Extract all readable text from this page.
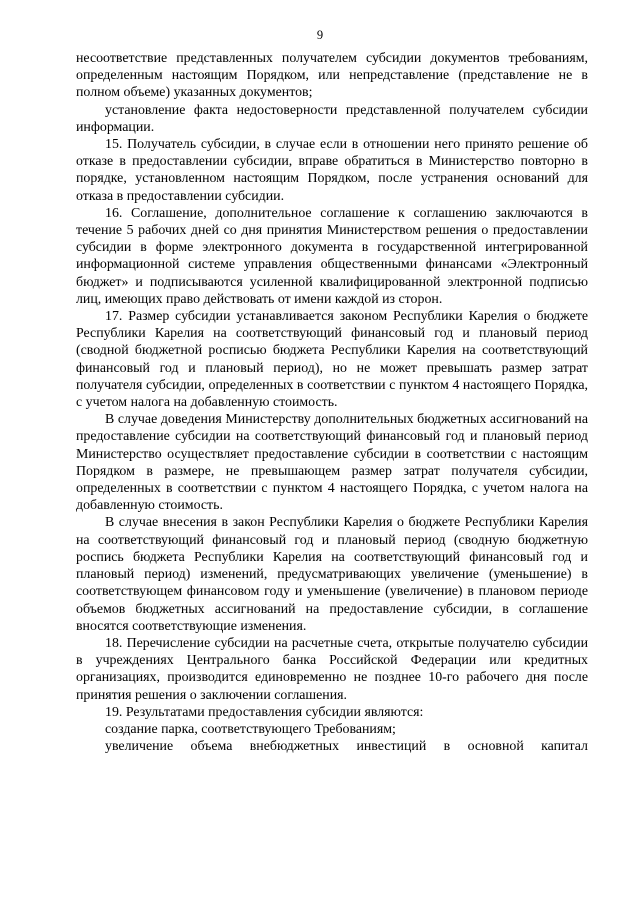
9

несоответствие представленных получателем субсидии документов требованиям, определенным настоящим Порядком, или непредставление (представление не в полном объеме) указанных документов;

установление факта недостоверности представленной получателем субсидии информации.

15. Получатель субсидии, в случае если в отношении него принято решение об отказе в предоставлении субсидии, вправе обратиться в Министерство повторно в порядке, установленном настоящим Порядком, после устранения оснований для отказа в предоставлении субсидии.

16. Соглашение, дополнительное соглашение к соглашению заключаются в течение 5 рабочих дней со дня принятия Министерством решения о предоставлении субсидии в форме электронного документа в государственной интегрированной информационной системе управления общественными финансами «Электронный бюджет» и подписываются усиленной квалифицированной электронной подписью лиц, имеющих право действовать от имени каждой из сторон.

17. Размер субсидии устанавливается законом Республики Карелия о бюджете Республики Карелия на соответствующий финансовый год и плановый период (сводной бюджетной росписью бюджета Республики Карелия на соответствующий финансовый год и плановый период), но не может превышать размер затрат получателя субсидии, определенных в соответствии с пунктом 4 настоящего Порядка, с учетом налога на добавленную стоимость.

В случае доведения Министерству дополнительных бюджетных ассигнований на предоставление субсидии на соответствующий финансовый год и плановый период Министерство осуществляет предоставление субсидии в соответствии с настоящим Порядком в размере, не превышающем размер затрат получателя субсидии, определенных в соответствии с пунктом 4 настоящего Порядка, с учетом налога на добавленную стоимость.

В случае внесения в закон Республики Карелия о бюджете Республики Карелия на соответствующий финансовый год и плановый период (сводную бюджетную роспись бюджета Республики Карелия на соответствующий финансовый год и плановый период) изменений, предусматривающих увеличение (уменьшение) в соответствующем финансовом году и уменьшение (увеличение) в плановом периоде объемов бюджетных ассигнований на предоставление субсидии, в соглашение вносятся соответствующие изменения.

18. Перечисление субсидии на расчетные счета, открытые получателю субсидии в учреждениях Центрального банка Российской Федерации или кредитных организациях, производится единовременно не позднее 10-го рабочего дня после принятия решения о заключении соглашения.

19. Результатами предоставления субсидии являются:

создание парка, соответствующего Требованиям;

увеличение объема внебюджетных инвестиций в основной капитал
